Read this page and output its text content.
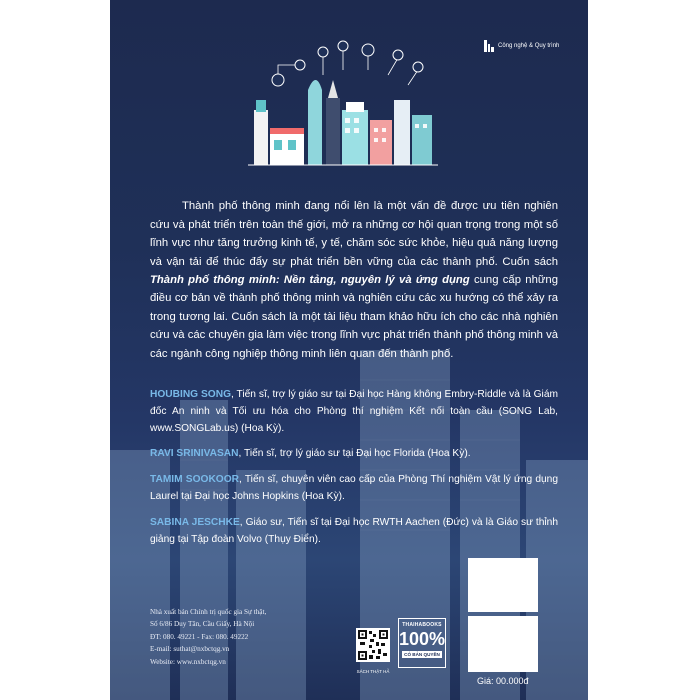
Công nghệ & Quy trình

Thành phố thông minh đang nổi lên là một vấn đề được ưu tiên nghiên cứu và phát triển trên toàn thế giới, mở ra những cơ hội quan trọng trong một số lĩnh vực như tăng trưởng kinh tế, y tế, chăm sóc sức khỏe, hiệu quả năng lượng và vận tải để thúc đẩy sự phát triển bền vững của các thành phố. Cuốn sách Thành phố thông minh: Nền tảng, nguyên lý và ứng dụng cung cấp những điều cơ bản về thành phố thông minh và nghiên cứu các xu hướng có thể xảy ra trong tương lai. Cuốn sách là một tài liệu tham khảo hữu ích cho các nhà nghiên cứu và các chuyên gia làm việc trong lĩnh vực phát triển thành phố thông minh và các ngành công nghiệp thông minh liên quan đến thành phố.

HOUBING SONG, Tiến sĩ, trợ lý giáo sư tại Đại học Hàng không Embry-Riddle và là Giám đốc An ninh và Tối ưu hóa cho Phòng thí nghiệm Kết nối toàn cầu (SONG Lab, www.SONGLab.us) (Hoa Kỳ).

RAVI SRINIVASAN, Tiến sĩ, trợ lý giáo sư tại Đại học Florida (Hoa Kỳ).

TAMIM SOOKOOR, Tiến sĩ, chuyên viên cao cấp của Phòng Thí nghiệm Vật lý ứng dụng Laurel tại Đại học Johns Hopkins (Hoa Kỳ).

SABINA JESCHKE, Giáo sư, Tiến sĩ tại Đại học RWTH Aachen (Đức) và là Giáo sư thỉnh giảng tại Tập đoàn Volvo (Thụy Điển).

Nhà xuất bản Chính trị quốc gia Sự thật,
Số 6/86 Duy Tân, Cầu Giấy, Hà Nội
ĐT: 080. 49221 - Fax: 080. 49222
E-mail: suthat@nxbctqg.vn
Website: www.nxbctqg.vn
SÁCH THẬT HẢ
THAIHABOOKS
100%
CÓ BẢN QUYỀN
Giá: 00.000đ
